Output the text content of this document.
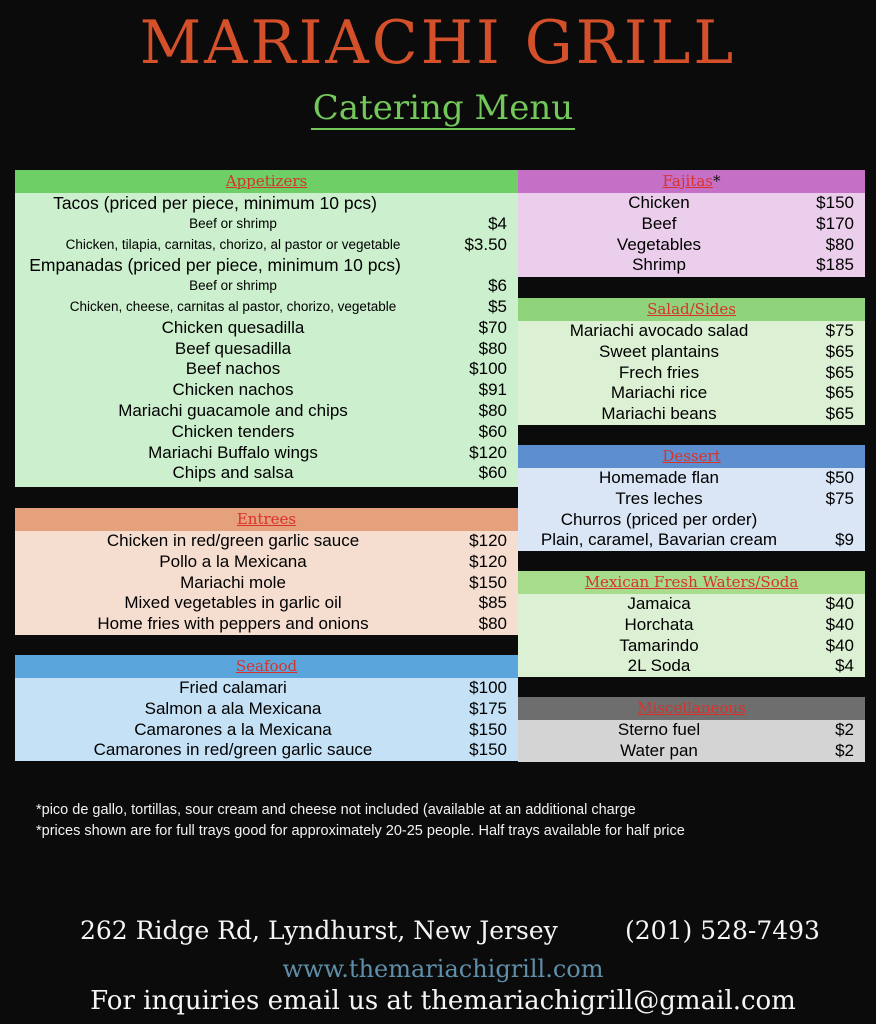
MARIACHI GRILL
Catering Menu
Appetizers
Tacos (priced per piece, minimum 10 pcs)
Beef or shrimp	$4
Chicken, tilapia, carnitas, chorizo, al pastor or vegetable	$3.50
Empanadas (priced per piece, minimum 10 pcs)
Beef or shrimp	$6
Chicken, cheese, carnitas al pastor, chorizo, vegetable	$5
Chicken quesadilla	$70
Beef quesadilla	$80
Beef nachos	$100
Chicken nachos	$91
Mariachi guacamole and chips	$80
Chicken tenders	$60
Mariachi Buffalo wings	$120
Chips and salsa	$60
Entrees
Chicken in red/green garlic sauce	$120
Pollo a la Mexicana	$120
Mariachi mole	$150
Mixed vegetables in garlic oil	$85
Home fries with peppers and onions	$80
Seafood
Fried calamari	$100
Salmon a ala Mexicana	$175
Camarones a la Mexicana	$150
Camarones in red/green garlic sauce	$150
Fajitas*
Chicken	$150
Beef	$170
Vegetables	$80
Shrimp	$185
Salad/Sides
Mariachi avocado salad	$75
Sweet plantains	$65
Frech fries	$65
Mariachi rice	$65
Mariachi beans	$65
Dessert
Homemade flan	$50
Tres leches	$75
Churros (priced per order)
Plain, caramel, Bavarian cream	$9
Mexican Fresh Waters/Soda
Jamaica	$40
Horchata	$40
Tamarindo	$40
2L Soda	$4
Miscellaneous
Sterno fuel	$2
Water pan	$2
*pico de gallo, tortillas, sour cream and cheese not included (available at an additional charge
*prices shown are for full trays good for approximately 20-25 people. Half trays available for half price
262 Ridge Rd, Lyndhurst, New Jersey	(201) 528-7493
www.themariachigrill.com
For inquiries email us at themariachigrill@gmail.com
